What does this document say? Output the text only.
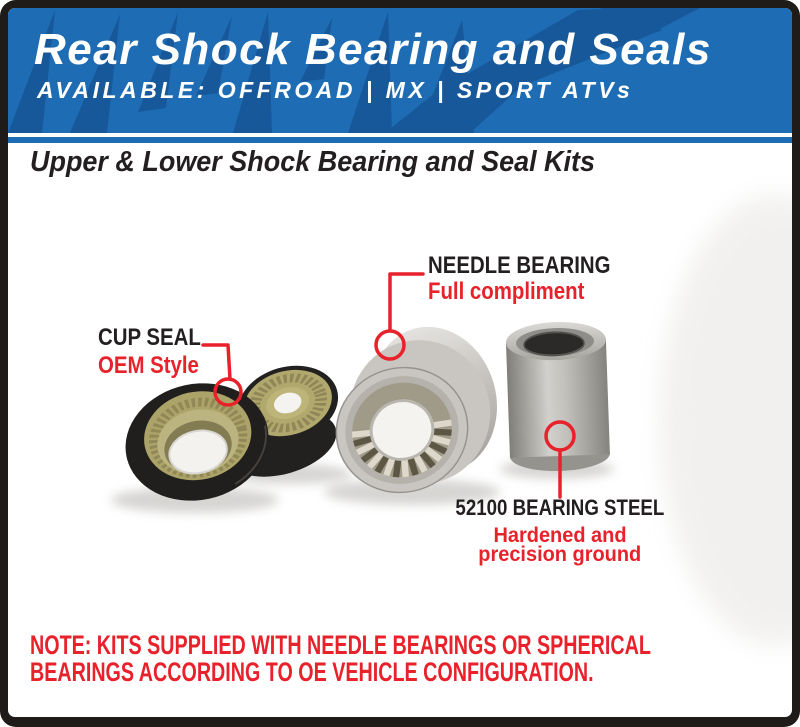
Rear Shock Bearing and Seals
AVAILABLE: OFFROAD | MX | SPORT ATVs
Upper & Lower Shock Bearing and Seal Kits
CUP SEAL
OEM Style
NEEDLE BEARING
Full compliment
52100 BEARING STEEL
Hardened and precision ground
NOTE: KITS SUPPLIED WITH NEEDLE BEARINGS OR SPHERICAL
BEARINGS ACCORDING TO OE VEHICLE CONFIGURATION.
